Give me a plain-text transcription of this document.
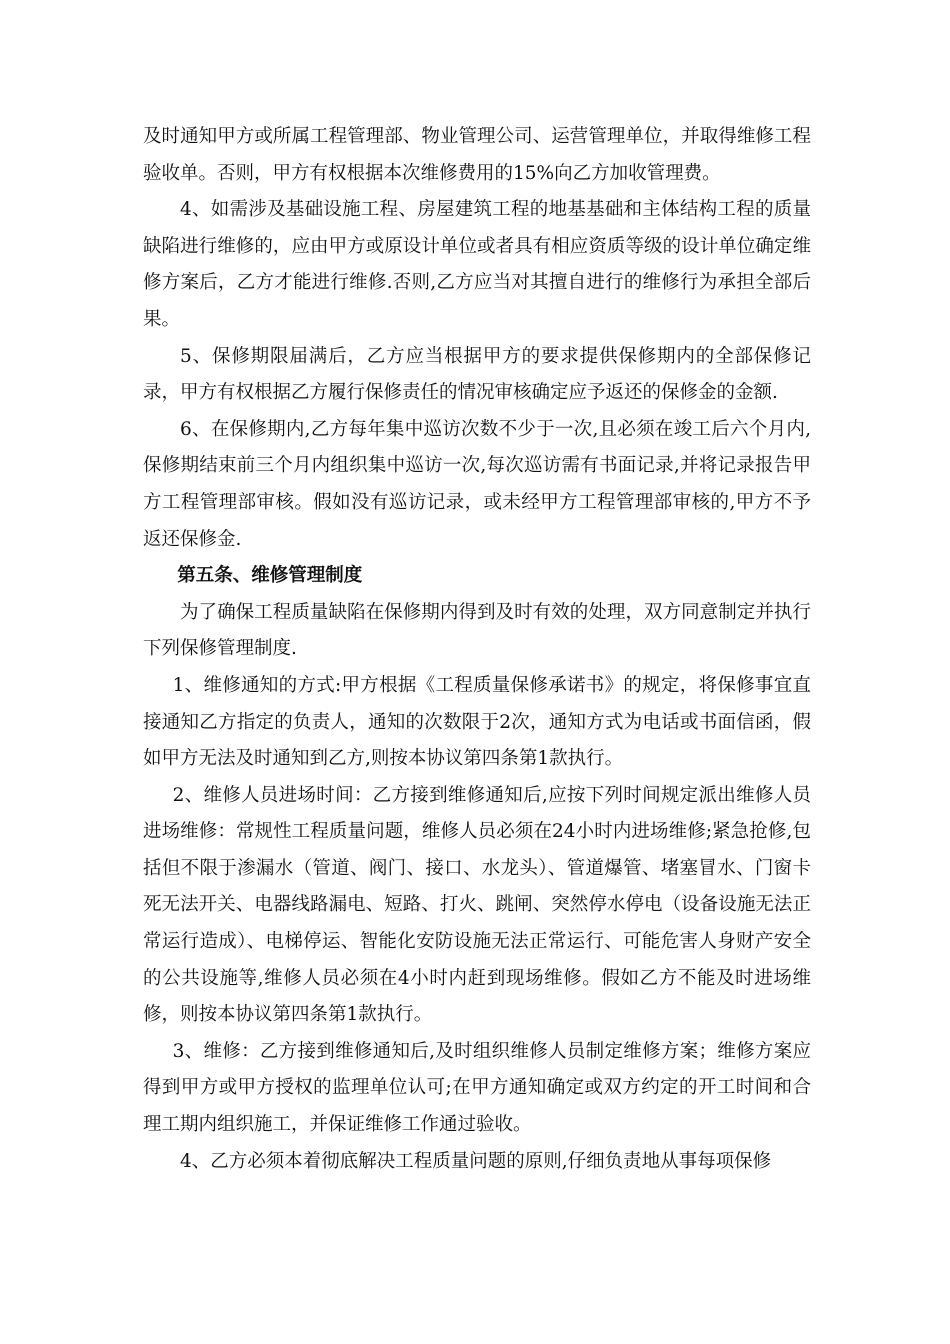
及时通知甲方或所属工程管理部、物业管理公司、运营管理单位，并取得维修工程验收单。否则，甲方有权根据本次维修费用的15%向乙方加收管理费。

4、如需涉及基础设施工程、房屋建筑工程的地基基础和主体结构工程的质量缺陷进行维修的，应由甲方或原设计单位或者具有相应资质等级的设计单位确定维修方案后，乙方才能进行维修.否则,乙方应当对其擅自进行的维修行为承担全部后果。

5、保修期限届满后，乙方应当根据甲方的要求提供保修期内的全部保修记录，甲方有权根据乙方履行保修责任的情况审核确定应予返还的保修金的金额.

6、在保修期内,乙方每年集中巡访次数不少于一次,且必须在竣工后六个月内,保修期结束前三个月内组织集中巡访一次,每次巡访需有书面记录,并将记录报告甲方工程管理部审核。假如没有巡访记录，或未经甲方工程管理部审核的,甲方不予返还保修金.

第五条、维修管理制度

为了确保工程质量缺陷在保修期内得到及时有效的处理，双方同意制定并执行下列保修管理制度.

1、维修通知的方式:甲方根据《工程质量保修承诺书》的规定，将保修事宜直接通知乙方指定的负责人，通知的次数限于2次，通知方式为电话或书面信函，假如甲方无法及时通知到乙方,则按本协议第四条第1款执行。

2、维修人员进场时间：乙方接到维修通知后,应按下列时间规定派出维修人员进场维修：常规性工程质量问题，维修人员必须在24小时内进场维修;紧急抢修,包括但不限于渗漏水（管道、阀门、接口、水龙头）、管道爆管、堵塞冒水、门窗卡死无法开关、电器线路漏电、短路、打火、跳闸、突然停水停电（设备设施无法正常运行造成）、电梯停运、智能化安防设施无法正常运行、可能危害人身财产安全的公共设施等,维修人员必须在4小时内赶到现场维修。假如乙方不能及时进场维修，则按本协议第四条第1款执行。

3、维修：乙方接到维修通知后,及时组织维修人员制定维修方案；维修方案应得到甲方或甲方授权的监理单位认可;在甲方通知确定或双方约定的开工时间和合理工期内组织施工，并保证维修工作通过验收。

4、乙方必须本着彻底解决工程质量问题的原则,仔细负责地从事每项保修
